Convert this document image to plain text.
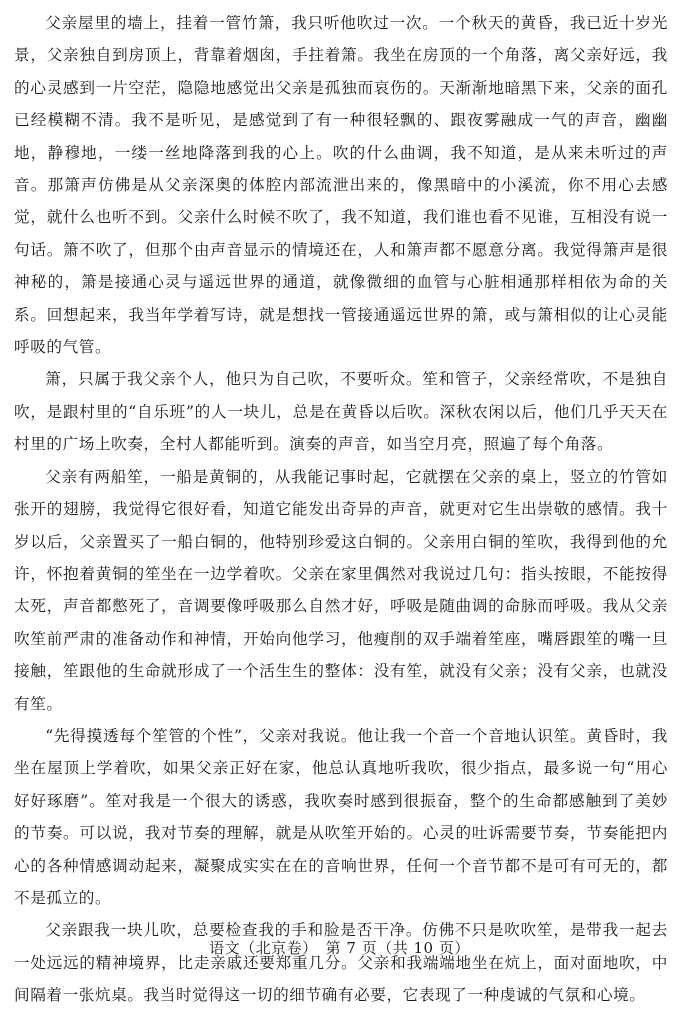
父亲屋里的墙上，挂着一管竹箫，我只听他吹过一次。一个秋天的黄昏，我已近十岁光景，父亲独自到房顶上，背靠着烟囱，手拄着箫。我坐在房顶的一个角落，离父亲好远，我的心灵感到一片空茫，隐隐地感觉出父亲是孤独而哀伤的。天渐渐地暗黑下来，父亲的面孔已经模糊不清。我不是听见，是感觉到了有一种很轻飘的、跟夜雾融成一气的声音，幽幽地，静穆地，一缕一丝地降落到我的心上。吹的什么曲调，我不知道，是从来未听过的声音。那箫声仿佛是从父亲深奥的体腔内部流泄出来的，像黑暗中的小溪流，你不用心去感觉，就什么也听不到。父亲什么时候不吹了，我不知道，我们谁也看不见谁，互相没有说一句话。箫不吹了，但那个由声音显示的情境还在，人和箫声都不愿意分离。我觉得箫声是很神秘的，箫是接通心灵与遥远世界的通道，就像微细的血管与心脏相通那样相依为命的关系。回想起来，我当年学着写诗，就是想找一管接通遥远世界的箫，或与箫相似的让心灵能呼吸的气管。

箫，只属于我父亲个人，他只为自己吹，不要听众。笙和管子，父亲经常吹，不是独自吹，是跟村里的“自乐班”的人一块儿，总是在黄昏以后吹。深秋农闲以后，他们几乎天天在村里的广场上吹奏，全村人都能听到。演奏的声音，如当空月亮，照遍了每个角落。

父亲有两船笙，一船是黄铜的，从我能记事时起，它就摆在父亲的桌上，竖立的竹管如张开的翅膀，我觉得它很好看，知道它能发出奇异的声音，就更对它生出崇敬的感情。我十岁以后，父亲置买了一船白铜的，他特别珍爱这白铜的。父亲用白铜的笙吹，我得到他的允许，怀抱着黄铜的笙坐在一边学着吹。父亲在家里偶然对我说过几句：指头按眼，不能按得太死，声音都憋死了，音调要像呼吸那么自然才好，呼吸是随曲调的命脉而呼吸。我从父亲吹笙前严肃的准备动作和神情，开始向他学习，他瘦削的双手端着笙座，嘴唇跟笙的嘴一旦接触，笙跟他的生命就形成了一个活生生的整体：没有笙，就没有父亲；没有父亲，也就没有笙。

“先得摸透每个笙管的个性”，父亲对我说。他让我一个音一个音地认识笙。黄昏时，我坐在屋顶上学着吹，如果父亲正好在家，他总认真地听我吹，很少指点，最多说一句“用心好好琢磨”。笙对我是一个很大的诱惑，我吹奏时感到很振奋，整个的生命都感触到了美妙的节奏。可以说，我对节奏的理解，就是从吹笙开始的。心灵的吐诉需要节奏，节奏能把内心的各种情感调动起来，凝聚成实实在在的音响世界，任何一个音节都不是可有可无的，都不是孤立的。

父亲跟我一块儿吹，总要检查我的手和脸是否干净。仿佛不只是吹吹笙，是带我一起去一处远远的精神境界，比走亲戚还要郑重几分。父亲和我端端地坐在炕上，面对面地吹，中间隔着一张炕桌。我当时觉得这一切的细节确有必要，它表现了一种虔诚的气氛和心境。

语文（北京卷）　第 7 页（共 10 页）
